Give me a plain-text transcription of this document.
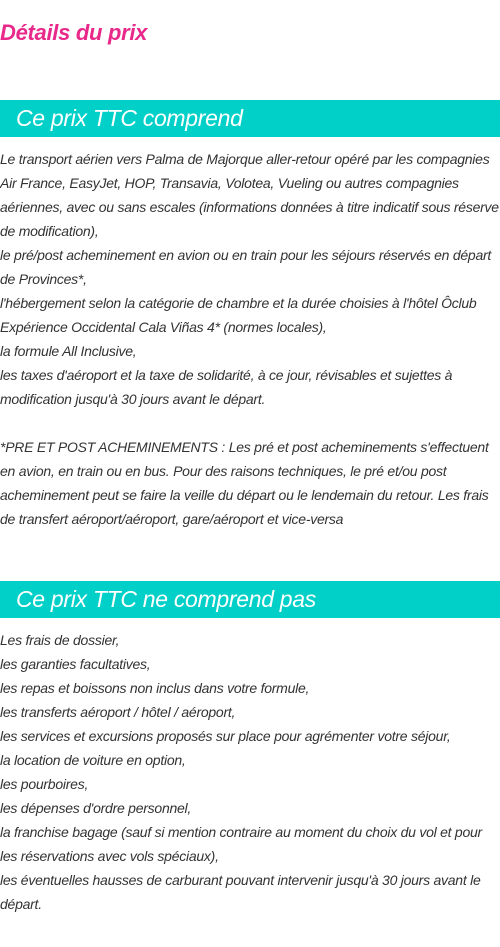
Détails du prix
Ce prix TTC comprend

Le transport aérien vers Palma de Majorque aller-retour opéré par les compagnies Air France, EasyJet, HOP, Transavia, Volotea, Vueling ou autres compagnies aériennes, avec ou sans escales (informations données à titre indicatif sous réserve de modification),

le pré/post acheminement en avion ou en train pour les séjours réservés en départ de Provinces*,

l'hébergement selon la catégorie de chambre et la durée choisies à l'hôtel Ôclub Expérience Occidental Cala Viñas 4* (normes locales),

la formule All Inclusive,

les taxes d'aéroport et la taxe de solidarité, à ce jour, révisables et sujettes à modification jusqu'à 30 jours avant le départ.

*PRE ET POST ACHEMINEMENTS : Les pré et post acheminements s'effectuent en avion, en train ou en bus. Pour des raisons techniques, le pré et/ou post acheminement peut se faire la veille du départ ou le lendemain du retour. Les frais de transfert aéroport/aéroport, gare/aéroport et vice-versa

Ce prix TTC ne comprend pas

Les frais de dossier,

les garanties facultatives,

les repas et boissons non inclus dans votre formule,

les transferts aéroport / hôtel / aéroport,

les services et excursions proposés sur place pour agrémenter votre séjour,

la location de voiture en option,

les pourboires,

les dépenses d'ordre personnel,

la franchise bagage (sauf si mention contraire au moment du choix du vol et pour les réservations avec vols spéciaux),

les éventuelles hausses de carburant pouvant intervenir jusqu'à 30 jours avant le départ.
